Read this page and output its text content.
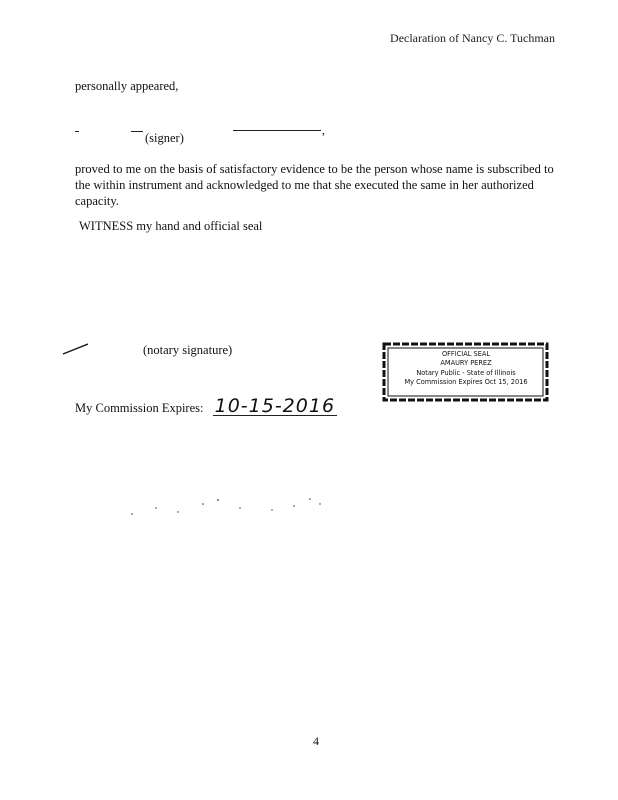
Declaration of Nancy C. Tuchman
personally appeared,
(signer)
,
proved to me on the basis of satisfactory evidence to be the person whose name is subscribed to the within instrument and acknowledged to me that she executed the same in her authorized capacity.
WITNESS my hand and official seal
(notary signature)
My Commission Expires: 10-15-2016
OFFICIAL SEAL
AMAURY PEREZ
Notary Public - State of Illinois
My Commission Expires Oct 15, 2016
4
